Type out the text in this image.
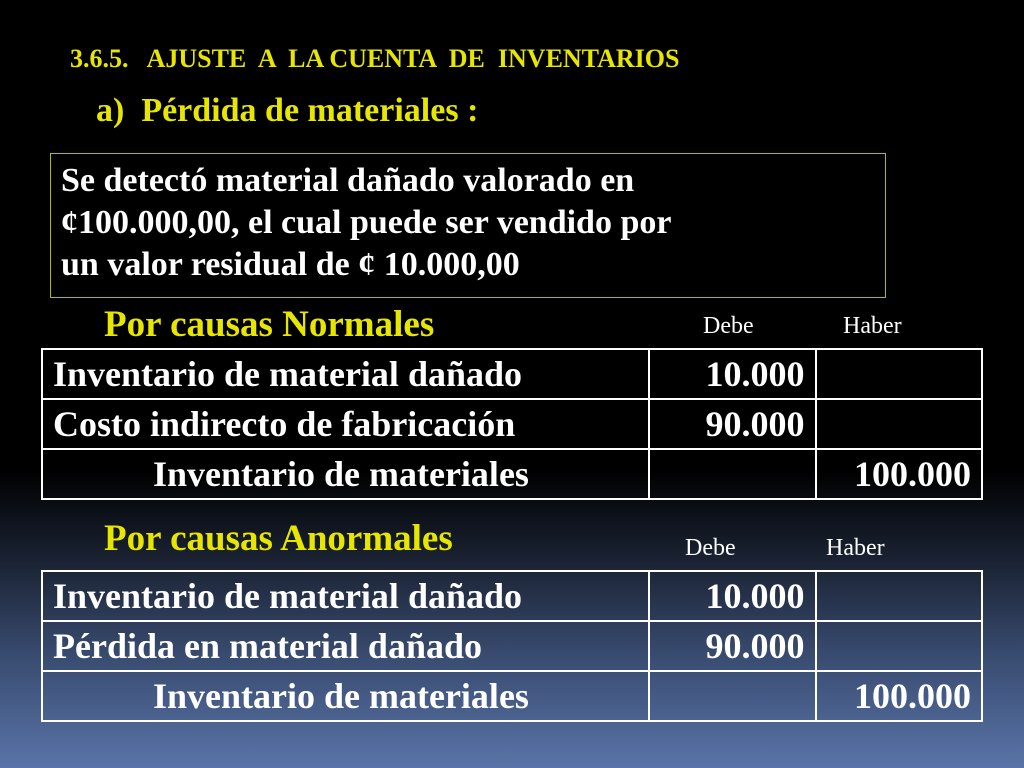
3.6.5.   AJUSTE  A  LA CUENTA  DE  INVENTARIOS
a)  Pérdida de materiales :
Se detectó material dañado valorado en
¢100.000,00, el cual puede ser vendido por
un valor residual de ¢ 10.000,00
Por causas Normales	Debe	Haber
Inventario de material dañado	10.000	
Costo indirecto de fabricación	90.000	
Inventario de materiales		100.000
Por causas Anormales	Debe	Haber
Inventario de material dañado	10.000	
Pérdida en material dañado	90.000	
Inventario de materiales		100.000
